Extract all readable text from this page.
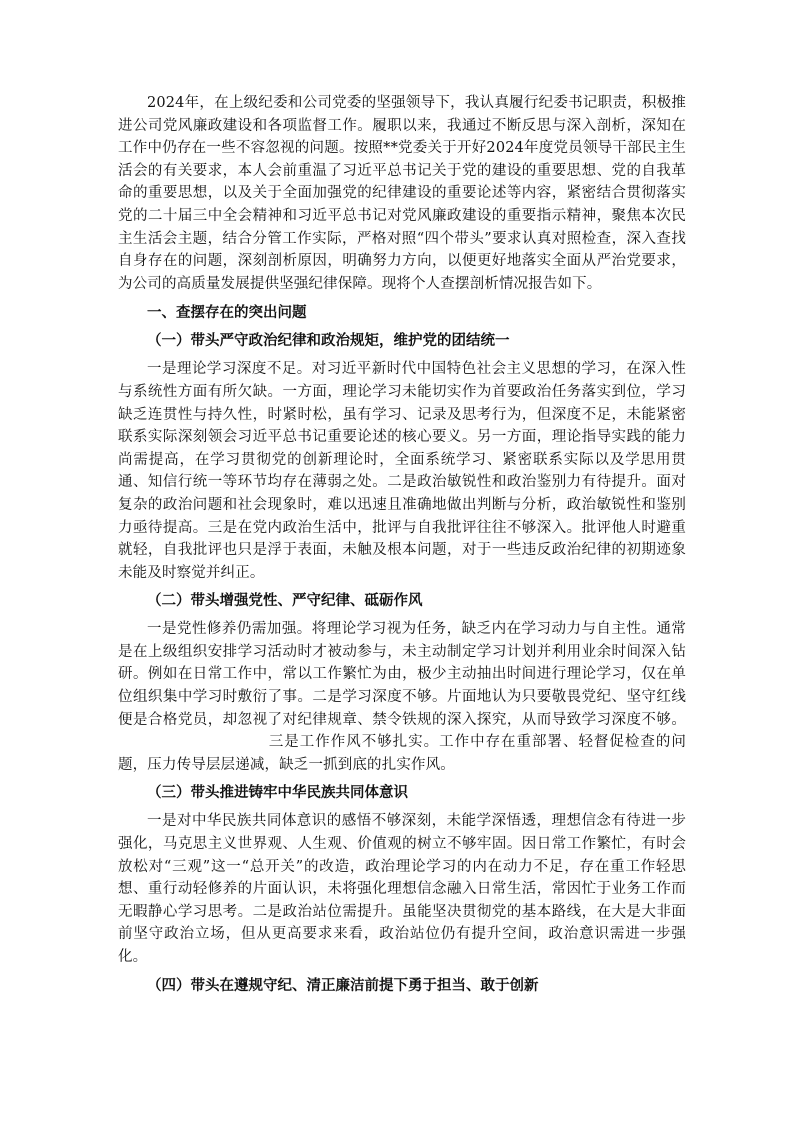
2024年，在上级纪委和公司党委的坚强领导下，我认真履行纪委书记职责，积极推进公司党风廉政建设和各项监督工作。履职以来，我通过不断反思与深入剖析，深知在工作中仍存在一些不容忽视的问题。按照**党委关于开好2024年度党员领导干部民主生活会的有关要求，本人会前重温了习近平总书记关于党的建设的重要思想、党的自我革命的重要思想，以及关于全面加强党的纪律建设的重要论述等内容，紧密结合贯彻落实党的二十届三中全会精神和习近平总书记对党风廉政建设的重要指示精神，聚焦本次民主生活会主题，结合分管工作实际，严格对照“四个带头”要求认真对照检查，深入查找自身存在的问题，深刻剖析原因，明确努力方向，以便更好地落实全面从严治党要求，为公司的高质量发展提供坚强纪律保障。现将个人查摆剖析情况报告如下。

一、查摆存在的突出问题

（一）带头严守政治纪律和政治规矩，维护党的团结统一

一是理论学习深度不足。对习近平新时代中国特色社会主义思想的学习，在深入性与系统性方面有所欠缺。一方面，理论学习未能切实作为首要政治任务落实到位，学习缺乏连贯性与持久性，时紧时松，虽有学习、记录及思考行为，但深度不足，未能紧密联系实际深刻领会习近平总书记重要论述的核心要义。另一方面，理论指导实践的能力尚需提高，在学习贯彻党的创新理论时，全面系统学习、紧密联系实际以及学思用贯通、知信行统一等环节均存在薄弱之处。二是政治敏锐性和政治鉴别力有待提升。面对复杂的政治问题和社会现象时，难以迅速且准确地做出判断与分析，政治敏锐性和鉴别力亟待提高。三是在党内政治生活中，批评与自我批评往往不够深入。批评他人时避重就轻，自我批评也只是浮于表面，未触及根本问题，对于一些违反政治纪律的初期迹象未能及时察觉并纠正。

（二）带头增强党性、严守纪律、砥砺作风

一是党性修养仍需加强。将理论学习视为任务，缺乏内在学习动力与自主性。通常是在上级组织安排学习活动时才被动参与，未主动制定学习计划并利用业余时间深入钻研。例如在日常工作中，常以工作繁忙为由，极少主动抽出时间进行理论学习，仅在单位组织集中学习时敷衍了事。二是学习深度不够。片面地认为只要敬畏党纪、坚守红线便是合格党员，却忽视了对纪律规章、禁令铁规的深入探究，从而导致学习深度不够。三是工作作风不够扎实。工作中存在重部署、轻督促检查的问题，压力传导层层递减，缺乏一抓到底的扎实作风。

（三）带头推进铸牢中华民族共同体意识

一是对中华民族共同体意识的感悟不够深刻，未能学深悟透，理想信念有待进一步强化，马克思主义世界观、人生观、价值观的树立不够牢固。因日常工作繁忙，有时会放松对“三观”这一“总开关”的改造，政治理论学习的内在动力不足，存在重工作轻思想、重行动轻修养的片面认识，未将强化理想信念融入日常生活，常因忙于业务工作而无暇静心学习思考。二是政治站位需提升。虽能坚决贯彻党的基本路线，在大是大非面前坚守政治立场，但从更高要求来看，政治站位仍有提升空间，政治意识需进一步强化。

（四）带头在遵规守纪、清正廉洁前提下勇于担当、敢于创新
